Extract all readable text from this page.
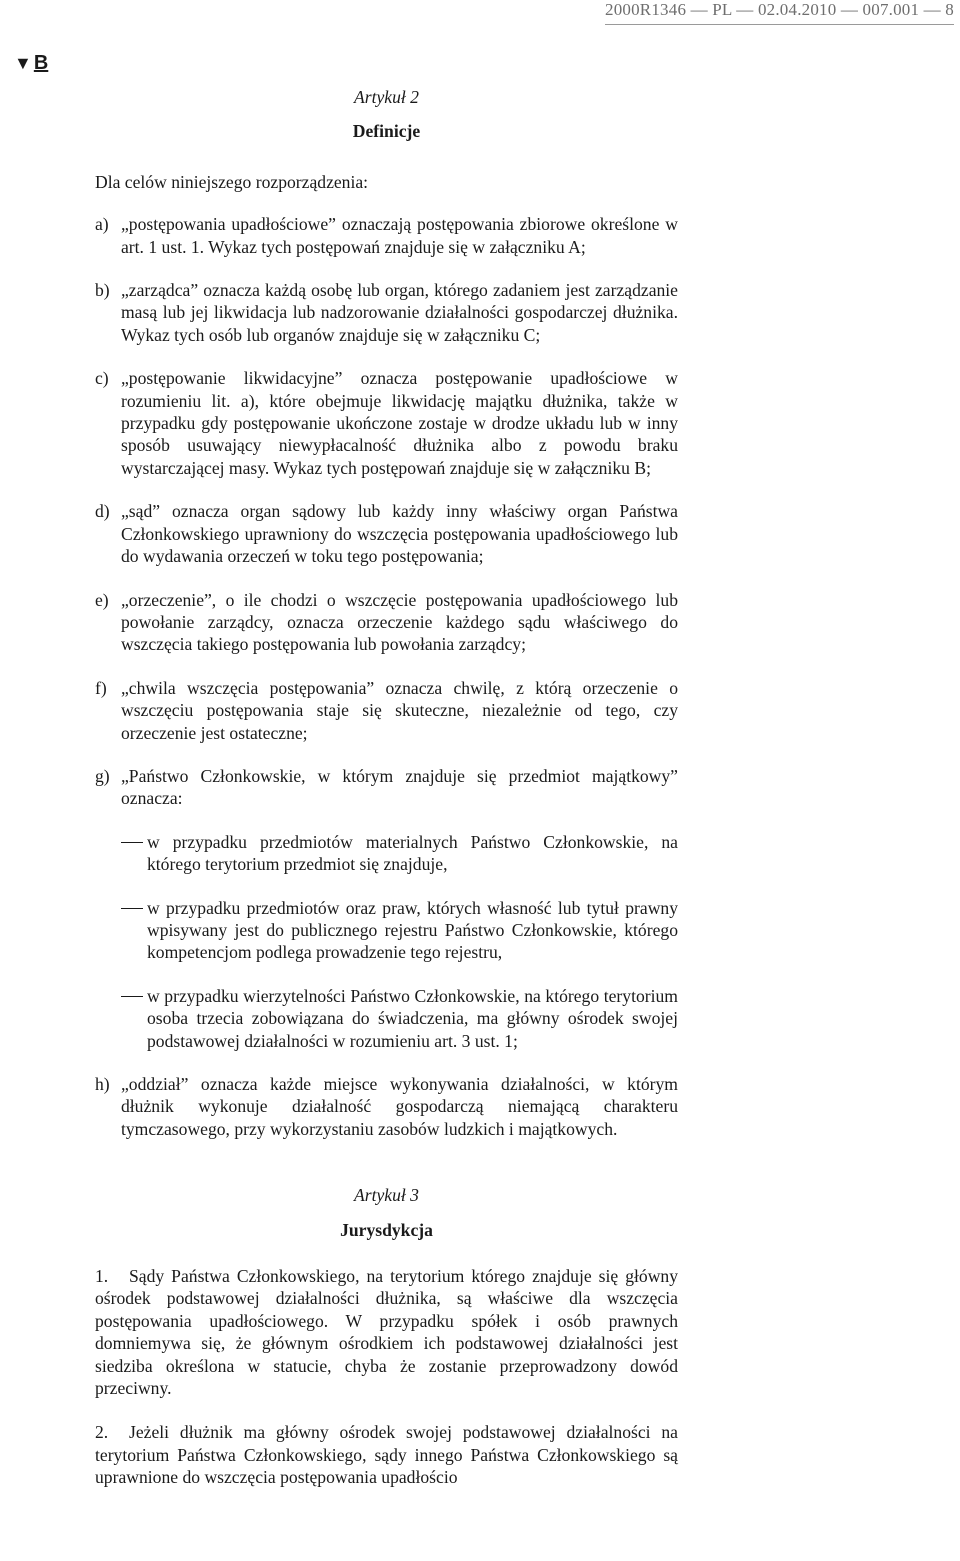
2000R1346 — PL — 02.04.2010 — 007.001 — 8
▼ B

Artykuł 2

Definicje

Dla celów niniejszego rozporządzenia:

a) „postępowania upadłościowe” oznaczają postępowania zbiorowe określone w art. 1 ust. 1. Wykaz tych postępowań znajduje się w załączniku A;
b) „zarządca” oznacza każdą osobę lub organ, którego zadaniem jest zarządzanie masą lub jej likwidacja lub nadzorowanie działalności gospodarczej dłużnika. Wykaz tych osób lub organów znajduje się w załączniku C;
c) „postępowanie likwidacyjne” oznacza postępowanie upadłościowe w rozumieniu lit. a), które obejmuje likwidację majątku dłużnika, także w przypadku gdy postępowanie ukończone zostaje w drodze układu lub w inny sposób usuwający niewypłacalność dłużnika albo z powodu braku wystarczającej masy. Wykaz tych postępowań znajduje się w załączniku B;
d) „sąd” oznacza organ sądowy lub każdy inny właściwy organ Państwa Członkowskiego uprawniony do wszczęcia postępowania upadłościowego lub do wydawania orzeczeń w toku tego postępowania;
e) „orzeczenie”, o ile chodzi o wszczęcie postępowania upadłościowego lub powołanie zarządcy, oznacza orzeczenie każdego sądu właściwego do wszczęcia takiego postępowania lub powołania zarządcy;
f) „chwila wszczęcia postępowania” oznacza chwilę, z którą orzeczenie o wszczęciu postępowania staje się skuteczne, niezależnie od tego, czy orzeczenie jest ostateczne;
g) „Państwo Członkowskie, w którym znajduje się przedmiot majątkowy” oznacza:
w przypadku przedmiotów materialnych Państwo Członkowskie, na którego terytorium przedmiot się znajduje,
w przypadku przedmiotów oraz praw, których własność lub tytuł prawny wpisywany jest do publicznego rejestru Państwo Członkowskie, którego kompetencjom podlega prowadzenie tego rejestru,
w przypadku wierzytelności Państwo Członkowskie, na którego terytorium osoba trzecia zobowiązana do świadczenia, ma główny ośrodek swojej podstawowej działalności w rozumieniu art. 3 ust. 1;
h) „oddział” oznacza każde miejsce wykonywania działalności, w którym dłużnik wykonuje działalność gospodarczą niemającą charakteru tymczasowego, przy wykorzystaniu zasobów ludzkich i majątkowych.

Artykuł 3

Jurysdykcja

1. Sądy Państwa Członkowskiego, na terytorium którego znajduje się główny ośrodek podstawowej działalności dłużnika, są właściwe dla wszczęcia postępowania upadłościowego. W przypadku spółek i osób prawnych domniemywa się, że głównym ośrodkiem ich podstawowej działalności jest siedziba określona w statucie, chyba że zostanie przeprowadzony dowód przeciwny.

2. Jeżeli dłużnik ma główny ośrodek swojej podstawowej działalności na terytorium Państwa Członkowskiego, sądy innego Państwa Członkowskiego są uprawnione do wszczęcia postępowania upadłościo
